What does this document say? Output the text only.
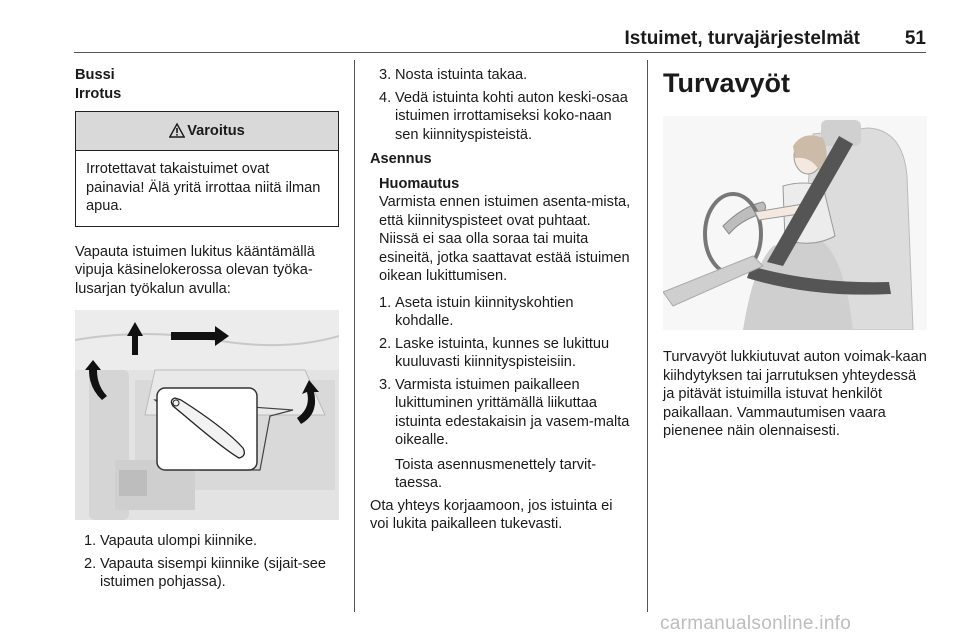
Istuimet, turvajärjestelmät	51

Bussi

Irrotus

Varoitus
Irrotettavat takaistuimet ovat painavia! Älä yritä irrottaa niitä ilman apua.

Vapauta istuimen lukitus kääntämällä vipuja käsinelokerossa olevan työka-lusarjan työkalun avulla:

1. Vapauta ulompi kiinnike.
2. Vapauta sisempi kiinnike (sijait-see istuimen pohjassa).
3. Nosta istuinta takaa.
4. Vedä istuinta kohti auton keski-osaa istuimen irrottamiseksi koko-naan sen kiinnityspisteistä.

Asennus

Huomautus

Varmista ennen istuimen asenta-mista, että kiinnityspisteet ovat puhtaat. Niissä ei saa olla soraa tai muita esineitä, jotka saattavat estää istuimen oikean lukittumisen.

1. Aseta istuin kiinnityskohtien kohdalle.
2. Laske istuinta, kunnes se lukittuu kuuluvasti kiinnityspisteisiin.
3. Varmista istuimen paikalleen lukittuminen yrittämällä liikuttaa istuinta edestakaisin ja vasem-malta oikealle.

Toista asennusmenettely tarvit-taessa.

Ota yhteys korjaamoon, jos istuinta ei voi lukita paikalleen tukevasti.

Turvavyöt

Turvavyöt lukkiutuvat auton voimak-kaan kiihdytyksen tai jarrutuksen yhteydessä ja pitävät istuimilla istuvat henkilöt paikallaan. Vammautumisen vaara pienenee näin olennaisesti.

carmanualsonline.info
